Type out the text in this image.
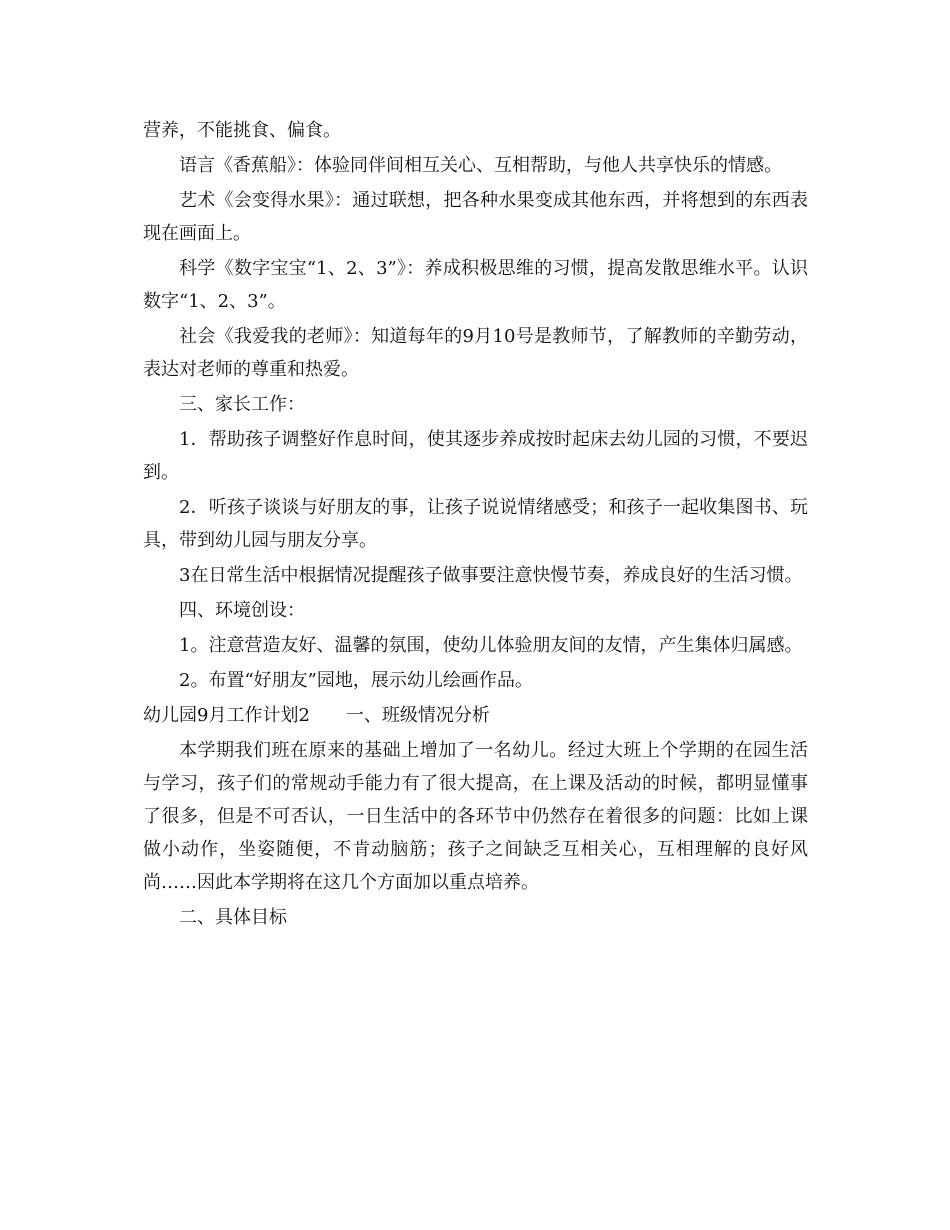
营养，不能挑食、偏食。

语言《香蕉船》：体验同伴间相互关心、互相帮助，与他人共享快乐的情感。

艺术《会变得水果》：通过联想，把各种水果变成其他东西，并将想到的东西表现在画面上。

科学《数字宝宝“1、2、3”》：养成积极思维的习惯，提高发散思维水平。认识数字“1、2、3”。

社会《我爱我的老师》：知道每年的9月10号是教师节，了解教师的辛勤劳动，表达对老师的尊重和热爱。

三、家长工作：

1．帮助孩子调整好作息时间，使其逐步养成按时起床去幼儿园的习惯，不要迟到。

2．听孩子谈谈与好朋友的事，让孩子说说情绪感受；和孩子一起收集图书、玩具，带到幼儿园与朋友分享。

3在日常生活中根据情况提醒孩子做事要注意快慢节奏，养成良好的生活习惯。

四、环境创设：

1。注意营造友好、温馨的氛围，使幼儿体验朋友间的友情，产生集体归属感。

2。布置“好朋友”园地，展示幼儿绘画作品。

幼儿园9月工作计划2　　一、班级情况分析

本学期我们班在原来的基础上增加了一名幼儿。经过大班上个学期的在园生活与学习，孩子们的常规动手能力有了很大提高，在上课及活动的时候，都明显懂事了很多，但是不可否认，一日生活中的各环节中仍然存在着很多的问题：比如上课做小动作，坐姿随便，不肯动脑筋；孩子之间缺乏互相关心，互相理解的良好风尚……因此本学期将在这几个方面加以重点培养。

二、具体目标
